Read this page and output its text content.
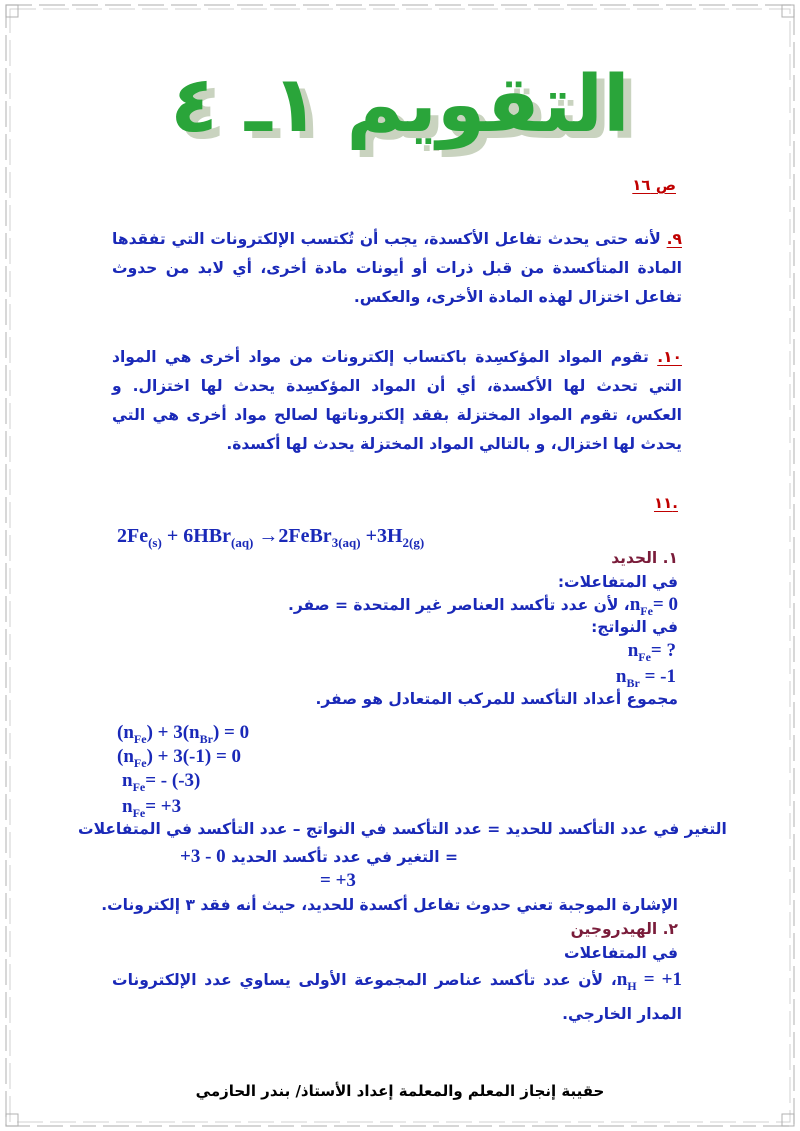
التقويم ١ـ ٤
ص ١٦
٩. لأنه حتى يحدث تفاعل الأكسدة، يجب أن تُكتسب الإلكترونات التي تفقدها المادة المتأكسدة من قبل ذرات أو أيونات مادة أخرى، أي لابد من حدوث تفاعل اختزال لهذه المادة الأخرى، والعكس.
١٠. تقوم المواد المؤكسِدة باكتساب إلكترونات من مواد أخرى هي المواد التي تحدث لها الأكسدة، أي أن المواد المؤكسِدة يحدث لها اختزال. و العكس، تقوم المواد المختزلة بفقد إلكتروناتها لصالح مواد أخرى هي التي يحدث لها اختزال، و بالتالي المواد المختزلة يحدث لها أكسدة.
.١١
$2Fe_{(s)} + 6HBr_{(aq)}$ →2FeBr$_{3(aq)}$ $+3H_{2(g)}$
١. الحديد
في المتفاعلات:
$n_{Fe}=$ 0، لأن عدد تأكسد العناصر غير المتحدة = صفر.
في النواتج:
$n_{Fe}=$ ?
$n_{Br} = -1$
مجموع أعداد التأكسد للمركب المتعادل هو صفر.
$(n_{Fe}) + 3(n_{Br}) = 0$
$(n_{Fe}) + 3(-1) = 0$
$n_{Fe}= - (-3)$
$n_{Fe}= +3$
التغير في عدد التأكسد للحديد = عدد التأكسد في النواتج – عدد التأكسد في المتفاعلات
= التغير في عدد تأكسد الحديد +3 - 0
= +3
الإشارة الموجبة تعني حدوث تفاعل أكسدة للحديد، حيث أنه فقد ٣ إلكترونات.
٢. الهيدروجين
في المتفاعلات
$n_H$ = +1، لأن عدد تأكسد عناصر المجموعة الأولى يساوي عدد الإلكترونات المدار الخارجي.
حقيبة إنجاز المعلم والمعلمة إعداد الأستاذ/ بندر الحازمي
